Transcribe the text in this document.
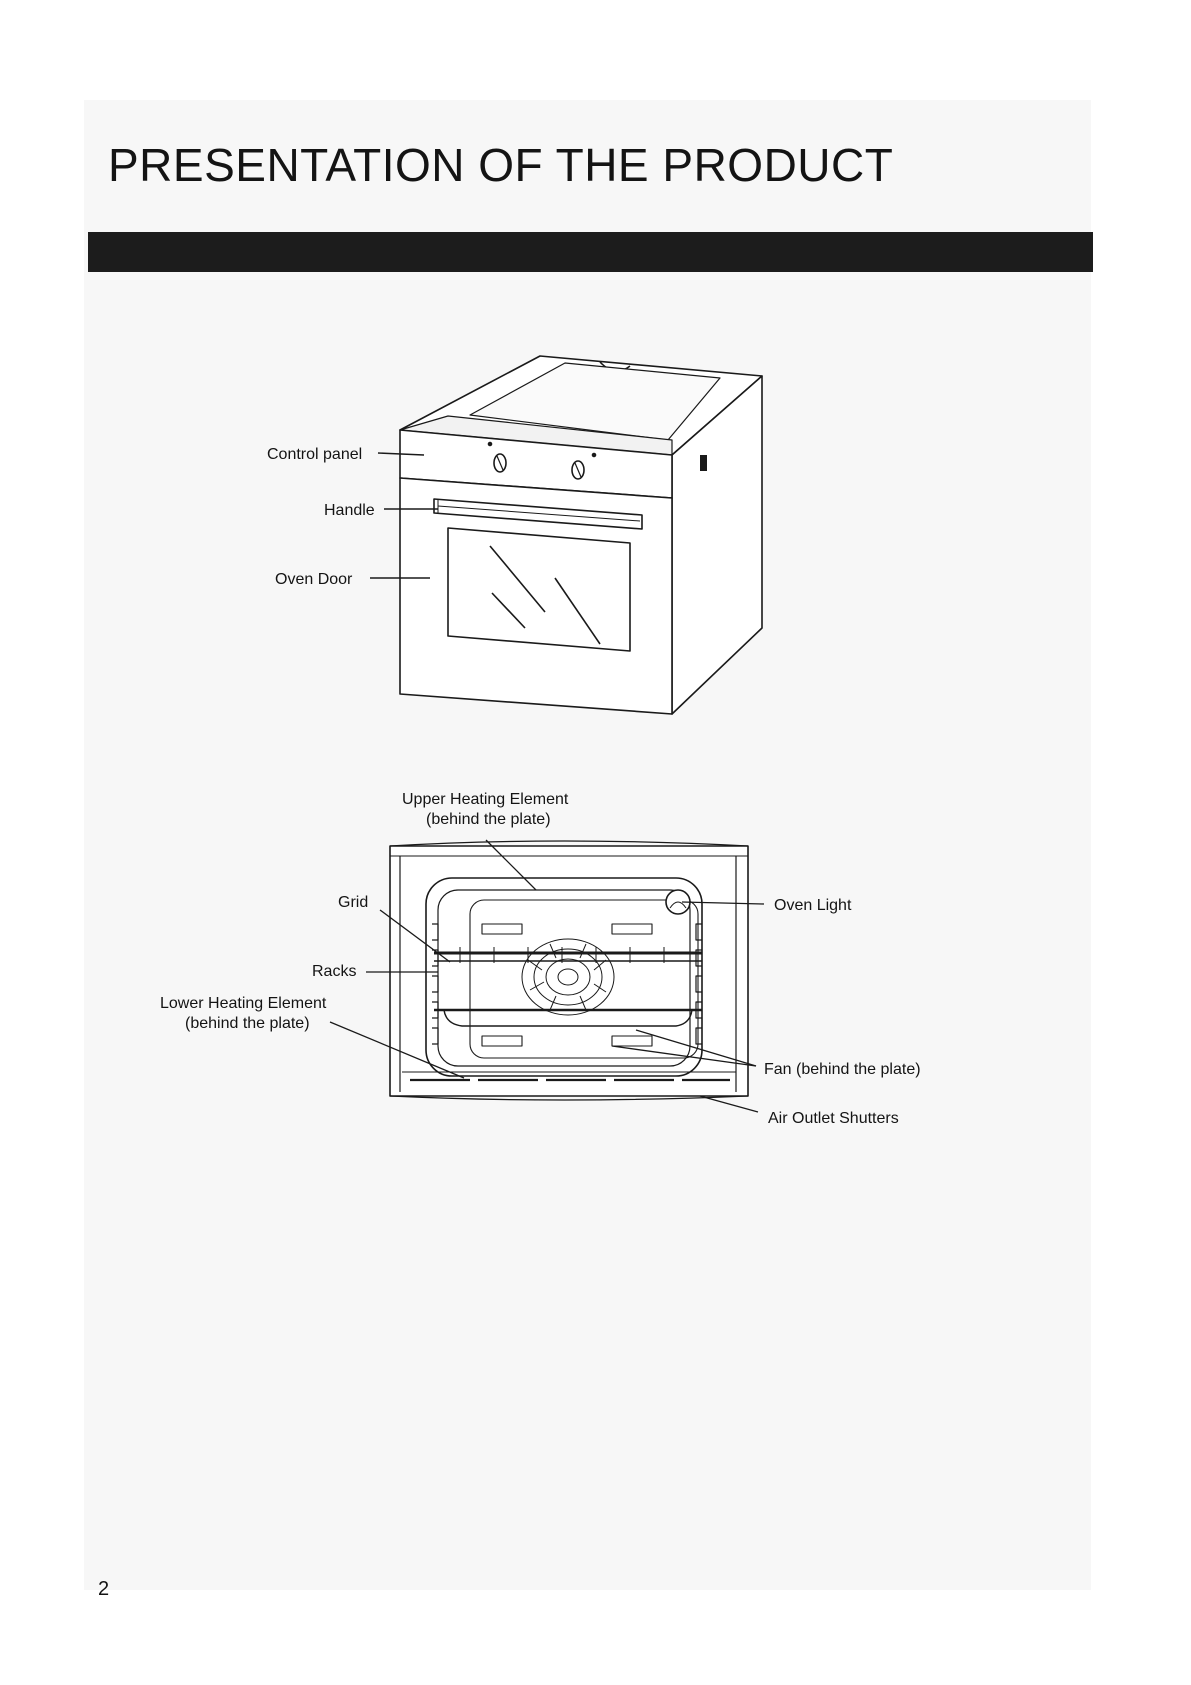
PRESENTATION OF THE PRODUCT
Control panel
Handle
Oven Door
Upper Heating Element
(behind the plate)
Grid
Racks
Lower Heating Element
(behind the plate)
Oven Light
Fan (behind the plate)
Air Outlet Shutters
2
